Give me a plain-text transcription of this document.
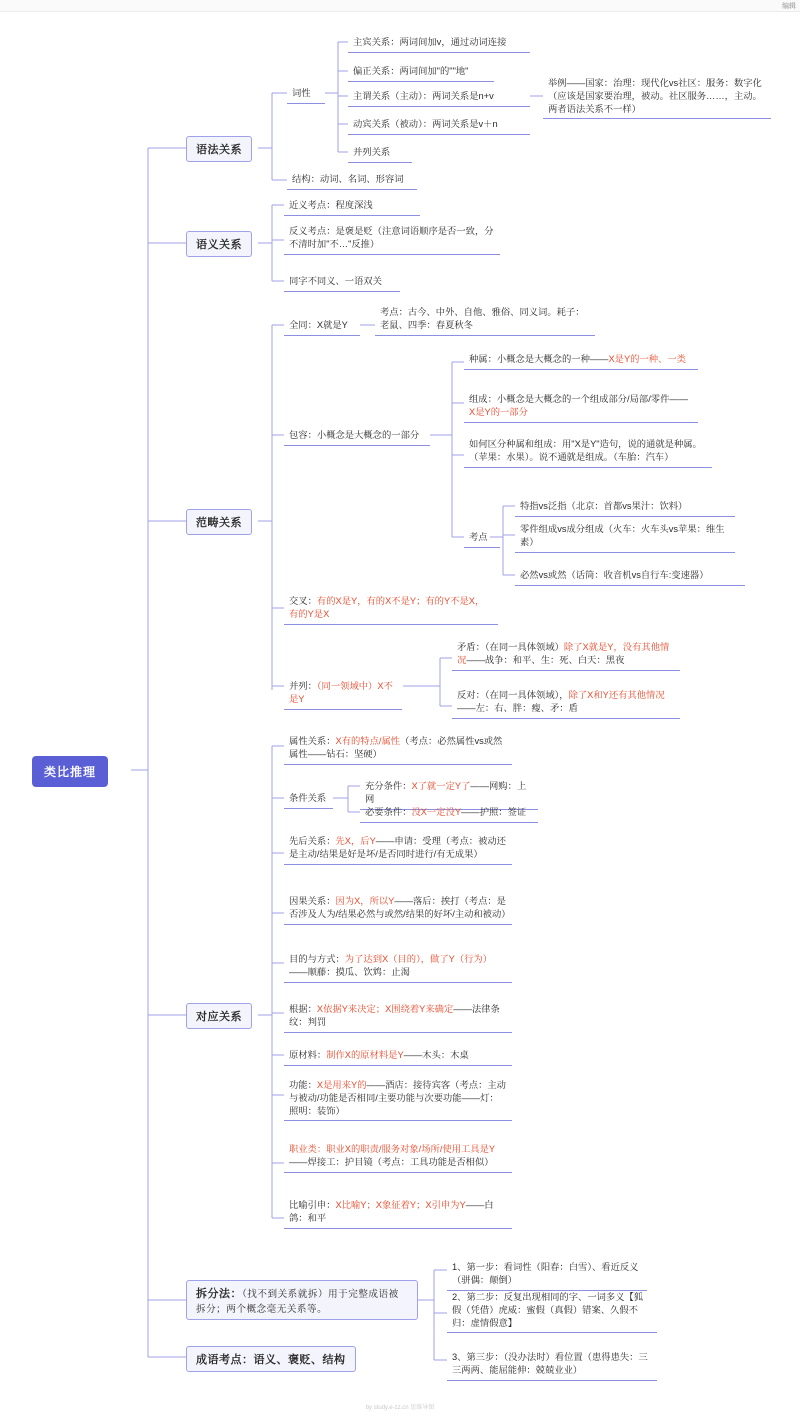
编辑
类比推理
语法关系
语义关系
范畴关系
对应关系
拆分法：（找不到关系就拆）用于完整成语被拆分；两个概念毫无关系等。
成语考点：语义、褒贬、结构
词性
主宾关系：两词间加v，通过动词连接
偏正关系：两词间加"的""地"
主谓关系（主动）：两词关系是n+v
动宾关系（被动）：两词关系是v＋n
并列关系
举例——国家：治理：现代化vs社区：服务：数字化（应该是国家要治理，被动。社区服务……，主动。两者语法关系不一样）
结构：动词、名词、形容词
近义考点：程度深浅
反义考点：是褒是贬（注意词语顺序是否一致，分不清时加"不…"反推）
同字不同义、一语双关
全同：X就是Y
考点：古今、中外、自他、雅俗、同义词。耗子：老鼠、四季：春夏秋冬
包容：小概念是大概念的一部分
种属：小概念是大概念的一种——X是Y的一种、一类
组成：小概念是大概念的一个组成部分/局部/零件——X是Y的一部分
如何区分种属和组成：用"X是Y"造句，说的通就是种属。（苹果：水果）。说不通就是组成。（车胎：汽车）
考点
特指vs泛指（北京：首都vs果汁：饮料）
零件组成vs成分组成（火车：火车头vs苹果：维生素）
必然vs或然（话筒：收音机vs自行车:变速器）
交叉：有的X是Y，有的X不是Y；有的Y不是X，有的Y是X
并列：（同一领域中）X不是Y
矛盾：（在同一具体领域）除了X就是Y，没有其他情况——战争：和平、生：死、白天：黑夜
反对：（在同一具体领域），除了X和Y还有其他情况——左：右、胖：瘦、矛：盾
属性关系：X有的特点/属性（考点：必然属性vs或然属性——钻石：坚硬）
条件关系
充分条件：X了就一定Y了——网购：上网
必要条件：没X一定没Y——护照：签证
先后关系：先X，后Y——申请：受理（考点：被动还是主动/结果是好是坏/是否同时进行/有无成果）
因果关系：因为X，所以Y——落后：挨打（考点：是否涉及人为/结果必然与或然/结果的好坏/主动和被动）
目的与方式：为了达到X（目的），做了Y（行为）——顺藤：摸瓜、饮鸩：止渴
根据：X依据Y来决定；X围绕着Y来确定——法律条纹：判罚
原材料：制作X的原材料是Y——木头：木桌
功能：X是用来Y的——酒店：接待宾客（考点：主动与被动/功能是否相同/主要功能与次要功能——灯：照明：装饰）
职业类：职业X的职责/服务对象/场所/使用工具是Y——焊接工：护目镜（考点：工具功能是否相似）
比喻引申：X比喻Y；X象征着Y；X引申为Y——白鸽：和平
1、第一步：看词性（阳春：白雪）、看近反义（骈偶：颠倒）
2、第二步：反复出现相同的字、一词多义【狐假（凭借）虎威：蜜假（真假）错案、久假不归：虚情假意】
3、第三步：（没办法时）看位置（患得患失：三三两两、能屈能伸：兢兢业业）
by study.e-zz.cn 思维导图
